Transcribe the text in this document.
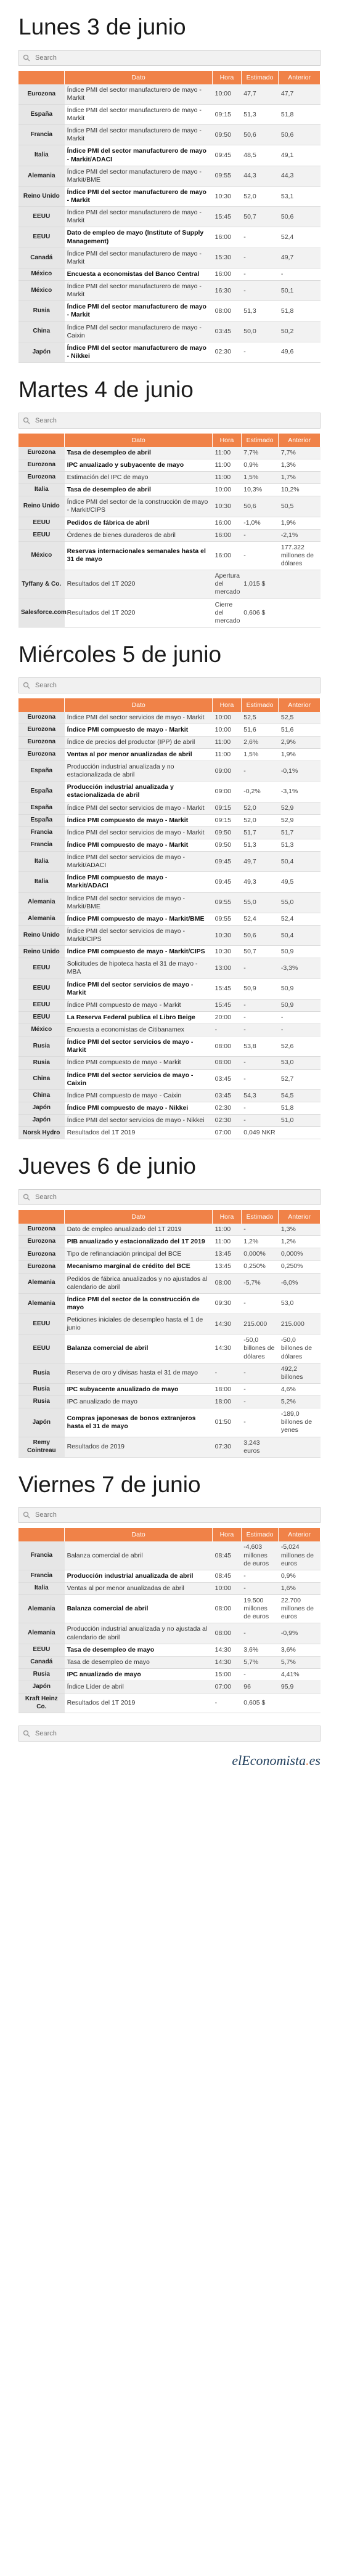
Lunes 3 de junio
Search
	Dato	Hora	Estimado	Anterior
Eurozona	Índice PMI del sector manufacturero de mayo - Markit	10:00	47,7	47,7
España	Índice PMI del sector manufacturero de mayo - Markit	09:15	51,3	51,8
Francia	Índice PMI del sector manufacturero de mayo - Markit	09:50	50,6	50,6
Italia	Índice PMI del sector manufacturero de mayo - Markit/ADACI	09:45	48,5	49,1
Alemania	Índice PMI del sector manufacturero de mayo - Markit/BME	09:55	44,3	44,3
Reino Unido	Índice PMI del sector manufacturero de mayo - Markit	10:30	52,0	53,1
EEUU	Índice PMI del sector manufacturero de mayo - Markit	15:45	50,7	50,6
EEUU	Dato de empleo de mayo (Institute of Supply Management)	16:00	-	52,4
Canadá	Índice PMI del sector manufacturero de mayo - Markit	15:30	-	49,7
México	Encuesta a economistas del Banco Central	16:00	-	-
México	Índice PMI del sector manufacturero de mayo - Markit	16:30	-	50,1
Rusia	Índice PMI del sector manufacturero de mayo - Markit	08:00	51,3	51,8
China	Índice PMI del sector manufacturero de mayo - Caixin	03:45	50,0	50,2
Japón	Índice PMI del sector manufacturero de mayo - Nikkei	02:30	-	49,6
Martes 4 de junio
Search
	Dato	Hora	Estimado	Anterior
Eurozona	Tasa de desempleo de abril	11:00	7,7%	7,7%
Eurozona	IPC anualizado y subyacente de mayo	11:00	0,9%	1,3%
Eurozona	Estimación del IPC de mayo	11:00	1,5%	1,7%
Italia	Tasa de desempleo de abril	10:00	10,3%	10,2%
Reino Unido	Índice PMI del sector de la construcción de mayo - Markit/CIPS	10:30	50,6	50,5
EEUU	Pedidos de fábrica de abril	16:00	-1,0%	1,9%
EEUU	Órdenes de bienes duraderos de abril	16:00	-	-2,1%
México	Reservas internacionales semanales hasta el 31 de mayo	16:00	-	177.322 millones de dólares
Tyffany & Co.	Resultados del 1T 2020	Apertura del mercado	1,015 $	
Salesforce.com	Resultados del 1T 2020	Cierre del mercado	0,606 $	
Miércoles 5 de junio
Search
	Dato	Hora	Estimado	Anterior
Eurozona	Índice PMI del sector servicios de mayo - Markit	10:00	52,5	52,5
Eurozona	Índice PMI compuesto de mayo - Markit	10:00	51,6	51,6
Eurozona	Índice de precios del productor (IPP) de abril	11:00	2,6%	2,9%
Eurozona	Ventas al por menor anualizadas de abril	11:00	1,5%	1,9%
España	Producción industrial anualizada y no estacionalizada de abril	09:00	-	-0,1%
España	Producción industrial anualizada y estacionalizada de abril	09:00	-0,2%	-3,1%
España	Índice PMI del sector servicios de mayo - Markit	09:15	52,0	52,9
España	Índice PMI compuesto de mayo - Markit	09:15	52,0	52,9
Francia	Índice PMI del sector servicios de mayo - Markit	09:50	51,7	51,7
Francia	Índice PMI compuesto de mayo - Markit	09:50	51,3	51,3
Italia	Índice PMI del sector servicios de mayo - Markit/ADACI	09:45	49,7	50,4
Italia	Índice PMI compuesto de mayo - Markit/ADACI	09:45	49,3	49,5
Alemania	Índice PMI del sector servicios de mayo - Markit/BME	09:55	55,0	55,0
Alemania	Índice PMI compuesto de mayo - Markit/BME	09:55	52,4	52,4
Reino Unido	Índice PMI del sector servicios de mayo - Markit/CIPS	10:30	50,6	50,4
Reino Unido	Índice PMI compuesto de mayo - Markit/CIPS	10:30	50,7	50,9
EEUU	Solicitudes de hipoteca hasta el 31 de mayo - MBA	13:00	-	-3,3%
EEUU	Índice PMI del sector servicios de mayo - Markit	15:45	50,9	50,9
EEUU	Índice PMI compuesto de mayo - Markit	15:45	-	50,9
EEUU	La Reserva Federal publica el Libro Beige	20:00	-	-
México	Encuesta a economistas de Citibanamex	-	-	-
Rusia	Índice PMI del sector servicios de mayo - Markit	08:00	53,8	52,6
Rusia	Índice PMI compuesto de mayo - Markit	08:00	-	53,0
China	Índice PMI del sector servicios de mayo - Caixin	03:45	-	52,7
China	Índice PMI compuesto de mayo - Caixin	03:45	54,3	54,5
Japón	Índice PMI compuesto de mayo - Nikkei	02:30	-	51,8
Japón	Índice PMI del sector servicios de mayo - Nikkei	02:30	-	51,0
Norsk Hydro	Resultados del 1T 2019	07:00	0,049 NKR	
Jueves 6 de junio
Search
	Dato	Hora	Estimado	Anterior
Eurozona	Dato de empleo anualizado del 1T 2019	11:00	-	1,3%
Eurozona	PIB anualizado y estacionalizado del 1T 2019	11:00	1,2%	1,2%
Eurozona	Tipo de refinanciación principal del BCE	13:45	0,000%	0,000%
Eurozona	Mecanismo marginal de crédito del BCE	13:45	0,250%	0,250%
Alemania	Pedidos de fábrica anualizados y no ajustados al calendario de abril	08:00	-5,7%	-6,0%
Alemania	Índice PMI del sector de la construcción de mayo	09:30	-	53,0
EEUU	Peticiones iniciales de desempleo hasta el 1 de junio	14:30	215.000	215.000
EEUU	Balanza comercial de abril	14:30	-50,0 billones de dólares	-50,0 billones de dólares
Rusia	Reserva de oro y divisas hasta el 31 de mayo	-	-	492,2 billones
Rusia	IPC subyacente anualizado de mayo	18:00	-	4,6%
Rusia	IPC anualizado de mayo	18:00	-	5,2%
Japón	Compras japonesas de bonos extranjeros hasta el 31 de mayo	01:50	-	-189,0 billones de yenes
Remy Cointreau	Resultados de 2019	07:30	3,243 euros	
Viernes 7 de junio
Search
	Dato	Hora	Estimado	Anterior
Francia	Balanza comercial de abril	08:45	-4,603 millones de euros	-5,024 millones de euros
Francia	Producción industrial anualizada de abril	08:45	-	0,9%
Italia	Ventas al por menor anualizadas de abril	10:00	-	1,6%
Alemania	Balanza comercial de abril	08:00	19.500 millones de euros	22.700 millones de euros
Alemania	Producción industrial anualizada y no ajustada al calendario de abril	08:00	-	-0,9%
EEUU	Tasa de desempleo de mayo	14:30	3,6%	3,6%
Canadá	Tasa de desempleo de mayo	14:30	5,7%	5,7%
Rusia	IPC anualizado de mayo	15:00	-	4,41%
Japón	Índice Líder de abril	07:00	96	95,9
Kraft Heinz Co.	Resultados del 1T 2019	-	0,605 $	
Search
elEconomista.es
